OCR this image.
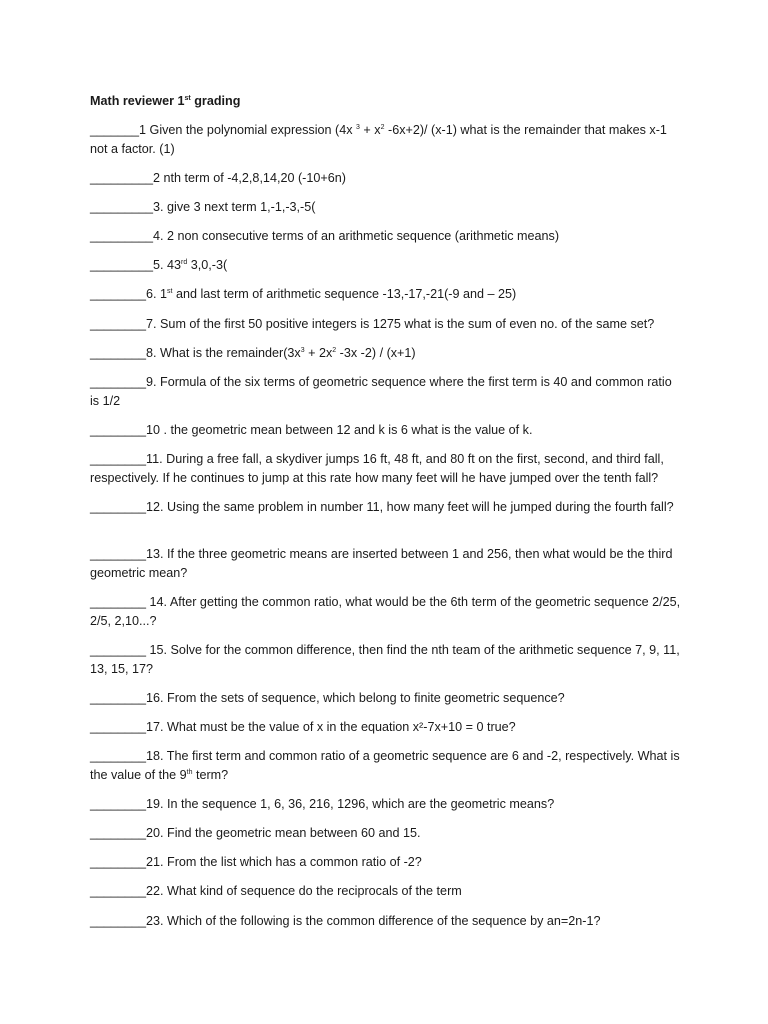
Math reviewer 1st grading

_______1 Given the polynomial expression (4x $^3 + x^2$ -6x+2)/ (x-1) what is the remainder that makes x-1 not a factor. (1)

_________2 nth term of -4,2,8,14,20 (-10+6n)

_________3. give 3 next term 1,-1,-3,-5(

_________4. 2 non consecutive terms of an arithmetic sequence (arithmetic means)

_________5. 43rd 3,0,-3(

________6. 1st and last term of arithmetic sequence -13,-17,-21(-9 and – 25)

________7. Sum of the first 50 positive integers is 1275 what is the sum of even no. of the same set?

________8. What is the $remainder(3x^3 + 2x^2$ -3x -2) / (x+1)

________9. Formula of the six terms of geometric sequence where the first term is 40 and common ratio is 1/2

________10 . the geometric mean between 12 and k is 6 what is the value of k.

________11. During a free fall, a skydiver jumps 16 ft, 48 ft, and 80 ft on the first, second, and third fall, respectively. If he continues to jump at this rate how many feet will he have jumped over the tenth fall?

________12. Using the same problem in number 11, how many feet will he jumped during the fourth fall?

________13. If the three geometric means are inserted between 1 and 256, then what would be the third geometric mean?

________ 14. After getting the common ratio, what would be the 6th term of the geometric sequence 2/25, 2/5, 2,10...?

________ 15. Solve for the common difference, then find the nth team of the arithmetic sequence 7, 9, 11, 13, 15, 17?

________16. From the sets of sequence, which belong to finite geometric sequence?

________17. What must be the value of x in the equation x²-7x+10 = 0 true?

________18. The first term and common ratio of a geometric sequence are 6 and -2, respectively. What is the value of the 9th term?

________19. In the sequence 1, 6, 36, 216, 1296, which are the geometric means?

________20. Find the geometric mean between 60 and 15.

________21. From the list which has a common ratio of -2?

________22. What kind of sequence do the reciprocals of the term

________23. Which of the following is the common difference of the sequence by an=2n-1?
